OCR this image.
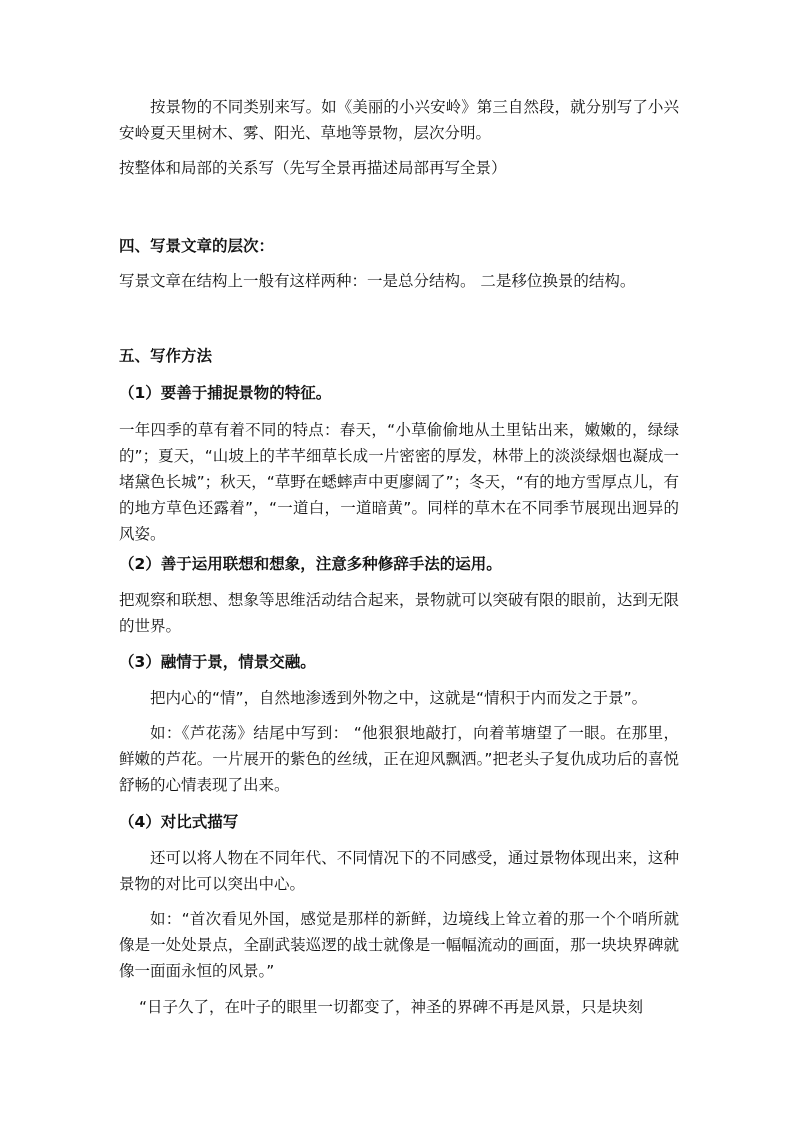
按景物的不同类别来写。如《美丽的小兴安岭》第三自然段，就分别写了小兴安岭夏天里树木、雾、阳光、草地等景物，层次分明。

按整体和局部的关系写（先写全景再描述局部再写全景）

四、写景文章的层次：

写景文章在结构上一般有这样两种：一是总分结构。 二是移位换景的结构。

五、写作方法

（1）要善于捕捉景物的特征。

一年四季的草有着不同的特点：春天，“小草偷偷地从土里钻出来，嫩嫩的，绿绿的”；夏天，“山坡上的芊芊细草长成一片密密的厚发，林带上的淡淡绿烟也凝成一堵黛色长城”；秋天，“草野在蟋蟀声中更廖阔了”；冬天，“有的地方雪厚点儿，有的地方草色还露着”，“一道白，一道暗黄”。同样的草木在不同季节展现出迥异的风姿。

（2）善于运用联想和想象，注意多种修辞手法的运用。

把观察和联想、想象等思维活动结合起来，景物就可以突破有限的眼前，达到无限的世界。

（3）融情于景，情景交融。

把内心的“情”，自然地渗透到外物之中，这就是“情积于内而发之于景”。

如：《芦花荡》结尾中写到： “他狠狠地敲打，向着苇塘望了一眼。在那里，鲜嫩的芦花。一片展开的紫色的丝绒，正在迎风飘洒。”把老头子复仇成功后的喜悦舒畅的心情表现了出来。

（4）对比式描写

还可以将人物在不同年代、不同情况下的不同感受，通过景物体现出来，这种景物的对比可以突出中心。

如：“首次看见外国，感觉是那样的新鲜，边境线上耸立着的那一个个哨所就像是一处处景点，全副武装巡逻的战士就像是一幅幅流动的画面，那一块块界碑就像一面面永恒的风景。”

“日子久了，在叶子的眼里一切都变了，神圣的界碑不再是风景，只是块刻
